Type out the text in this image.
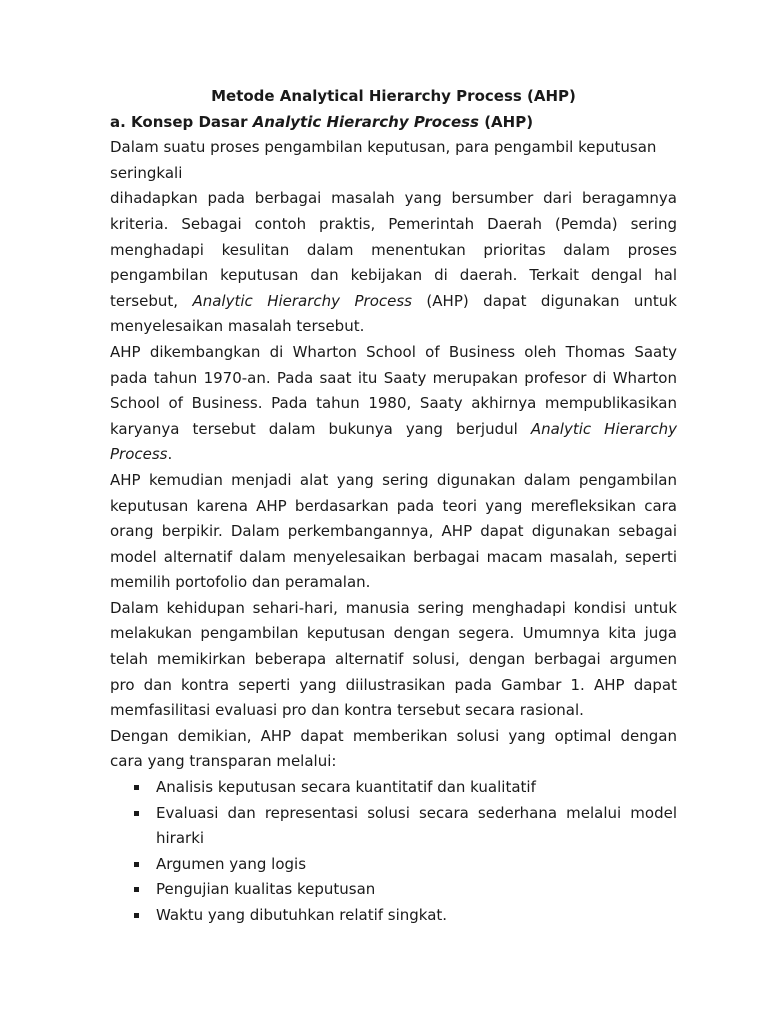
Metode Analytical Hierarchy Process (AHP)

a. Konsep Dasar Analytic Hierarchy Process (AHP)

Dalam suatu proses pengambilan keputusan, para pengambil keputusan seringkali

dihadapkan pada berbagai masalah yang bersumber dari beragamnya kriteria. Sebagai contoh praktis, Pemerintah Daerah (Pemda) sering menghadapi kesulitan dalam menentukan prioritas dalam proses pengambilan keputusan dan kebijakan di daerah. Terkait dengal hal tersebut, Analytic Hierarchy Process (AHP) dapat digunakan untuk menyelesaikan masalah tersebut.

AHP dikembangkan di Wharton School of Business oleh Thomas Saaty pada tahun 1970-an. Pada saat itu Saaty merupakan profesor di Wharton School of Business. Pada tahun 1980, Saaty akhirnya mempublikasikan karyanya tersebut dalam bukunya yang berjudul Analytic Hierarchy Process.

AHP kemudian menjadi alat yang sering digunakan dalam pengambilan keputusan karena AHP berdasarkan pada teori yang merefleksikan cara orang berpikir. Dalam perkembangannya, AHP dapat digunakan sebagai model alternatif dalam menyelesaikan berbagai macam masalah, seperti memilih portofolio dan peramalan.

Dalam kehidupan sehari-hari, manusia sering menghadapi kondisi untuk melakukan pengambilan keputusan dengan segera. Umumnya kita juga telah memikirkan beberapa alternatif solusi, dengan berbagai argumen pro dan kontra seperti yang diilustrasikan pada Gambar 1. AHP dapat memfasilitasi evaluasi pro dan kontra tersebut secara rasional.

Dengan demikian, AHP dapat memberikan solusi yang optimal dengan cara yang transparan melalui:

Analisis keputusan secara kuantitatif dan kualitatif
Evaluasi dan representasi solusi secara sederhana melalui model hirarki
Argumen yang logis
Pengujian kualitas keputusan
Waktu yang dibutuhkan relatif singkat.
